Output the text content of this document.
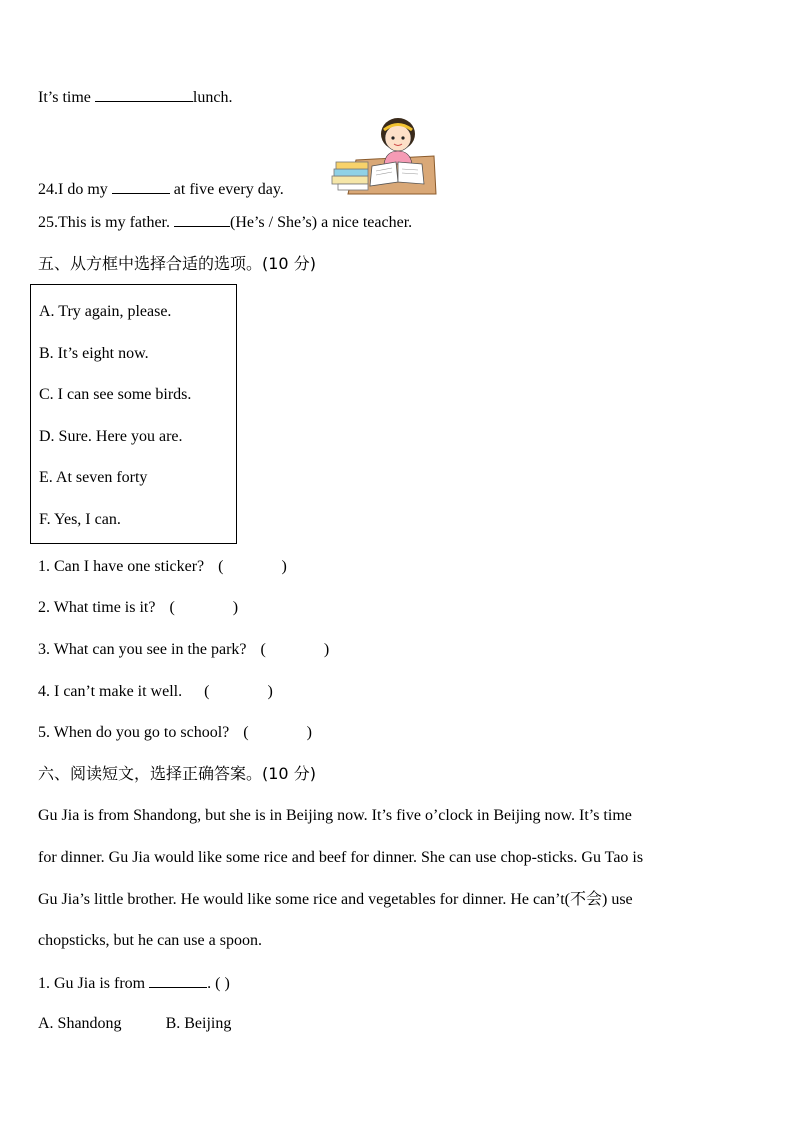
It’s time	lunch.
24.I do my	at five every day.
25.This is my father.	(He’s / She’s) a nice teacher.
五、从方框中选择合适的选项。(10 分)
A. Try again, please.
B. It’s eight now.
C. I can see some birds.
D. Sure. Here you are.
E. At seven forty
F. Yes, I can.
1. Can I have one sticker? (	)
2. What time is it? (	)
3. What can you see in the park? (	)
4. I can’t make it well. (	)
5. When do you go to school? (	)
六、阅读短文，选择正确答案。(10 分)
Gu Jia is from Shandong, but she is in Beijing now. It’s five o’clock in Beijing now. It’s time
for dinner. Gu Jia would like some rice and beef for dinner. She can use chop-sticks. Gu Tao is
Gu Jia’s little brother. He would like some rice and vegetables for dinner. He can’t(不会) use
chopsticks, but he can use a spoon.
1. Gu Jia is from	. ( )
A. Shandong	B. Beijing
